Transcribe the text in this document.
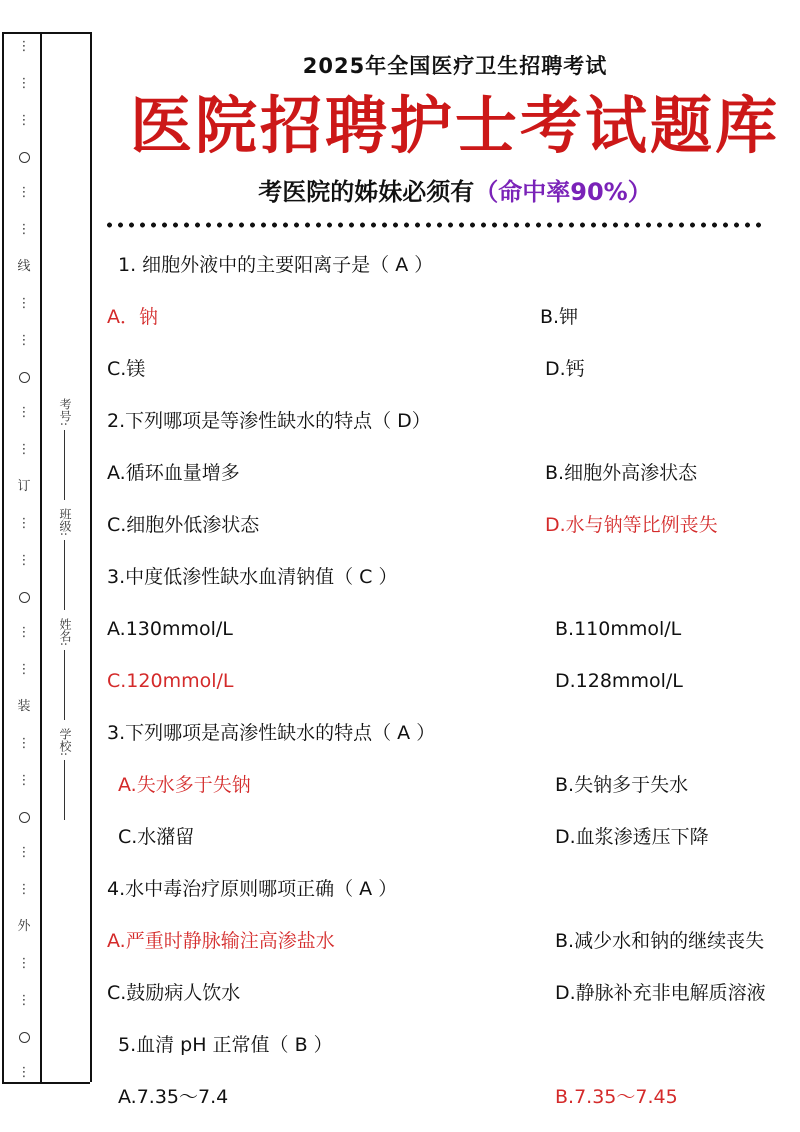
⋮
⋮
⋮
⋮
⋮
线
⋮
⋮
⋮
⋮
订
⋮
⋮
⋮
⋮
装
⋮
⋮
⋮
⋮
外
⋮
⋮
⋮
考号:
班级:
姓名:
学校:
2025年全国医疗卫生招聘考试
医院招聘护士考试题库
考医院的姊妹必须有（命中率90%）
1. 细胞外液中的主要阳离子是（ A ）
A．钠	B.钾
C.镁	D.钙
2.下列哪项是等渗性缺水的特点（ D）
A.循环血量增多	B.细胞外高渗状态
C.细胞外低渗状态	D.水与钠等比例丧失
3.中度低渗性缺水血清钠值（ C ）
A.130mmol/L	B.110mmol/L
C.120mmol/L	D.128mmol/L
3.下列哪项是高渗性缺水的特点（ A ）
A.失水多于失钠	B.失钠多于失水
C.水潴留	D.血浆渗透压下降
4.水中毒治疗原则哪项正确（ A ）
A.严重时静脉输注高渗盐水	B.减少水和钠的继续丧失
C.鼓励病人饮水	D.静脉补充非电解质溶液
5.血清 pH 正常值（ B ）
A.7.35～7.4	B.7.35～7.45
